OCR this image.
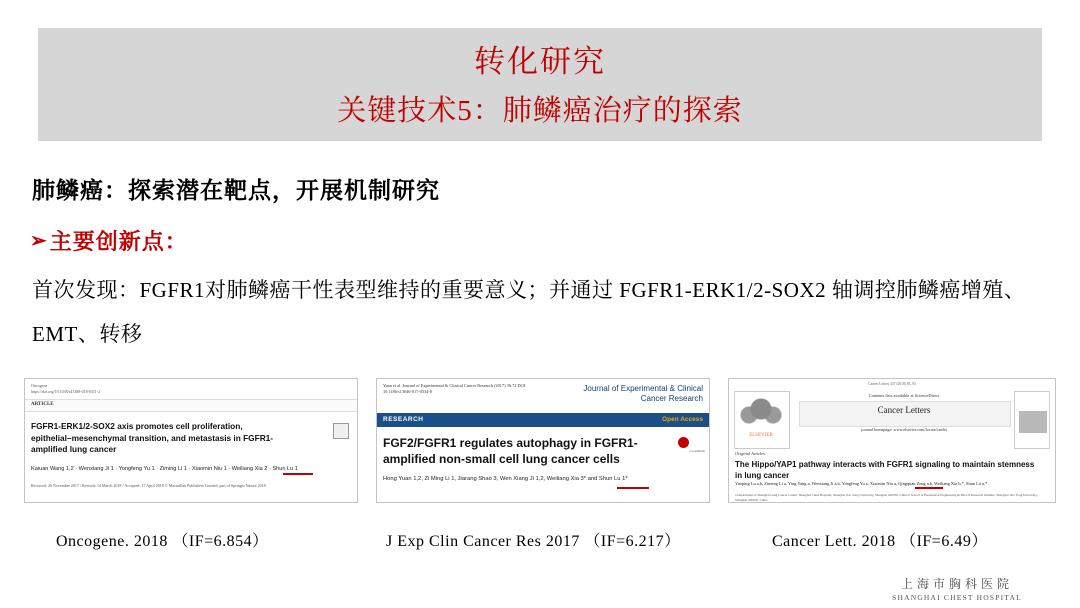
转化研究
关键技术5：肺鳞癌治疗的探索
肺鳞癌：探索潜在靶点，开展机制研究
➢ 主要创新点：
首次发现：FGFR1对肺鳞癌干性表型维持的重要意义；并通过 FGFR1-ERK1/2-SOX2 轴调控肺鳞癌增殖、EMT、转移
Oncogene
https://doi.org/10.1038/s41388-018-0311-2
ARTICLE
FGFR1-ERK1/2-SOX2 axis promotes cell proliferation, epithelial–mesenchymal transition, and metastasis in FGFR1-amplified lung cancer
Kaiuan Wang 1,2 · Wenxiang Ji 1 · Yongfeng Yu 1 · Ziming Li 1 · Xiaomin Niu 1 · Weiliang Xia 2 · Shun Lu 1
Received: 26 November 2017 / Revised: 14 March 2018 / Accepted: 17 April 2018 © Macmillan Publishers Limited, part of Springer Nature 2018
Yuan et al. Journal of Experimental & Clinical Cancer Research (2017) 36:72 DOI 10.1186/s13046-017-0534-0	Journal of Experimental & Clinical Cancer Research
RESEARCH	Open Access
FGF2/FGFR1 regulates autophagy in FGFR1-amplified non-small cell lung cancer cells
CrossMark
Hong Yuan 1,2, Zi Ming Li 1, Jiarang Shao 3, Wen Xiang Ji 1,2, Weiliang Xia 3* and Shun Lu 1*
Cancer Letters 437 (2018) 85–93
ELSEVIER
Contents lists available at ScienceDirect
Cancer Letters
journal homepage: www.elsevier.com/locate/canlet
Original Articles
The Hippo/YAP1 pathway interacts with FGFR1 signaling to maintain stemness in lung cancer
Yaoping Lu a,b, Zimeng Li a, Ying Yang a, Wenxiang Ji a,b, Yongfeng Yu a, Xiaomin Niu a, Qingquan Zeng a,b, Weiliang Xia b,*, Shun Lu a,*
a Department of Shanghai Lung Cancer Center, Shanghai Chest Hospital, Shanghai Jiao Tong University, Shanghai 200030, China b School of Biomedical Engineering & Med-X Research Institute, Shanghai Jiao Tong University, Shanghai 200030, China
Oncogene. 2018 （IF=6.854）	J Exp Clin Cancer Res 2017 （IF=6.217）	Cancer Lett. 2018 （IF=6.49）
上海市胸科医院
SHANGHAI CHEST HOSPITAL
